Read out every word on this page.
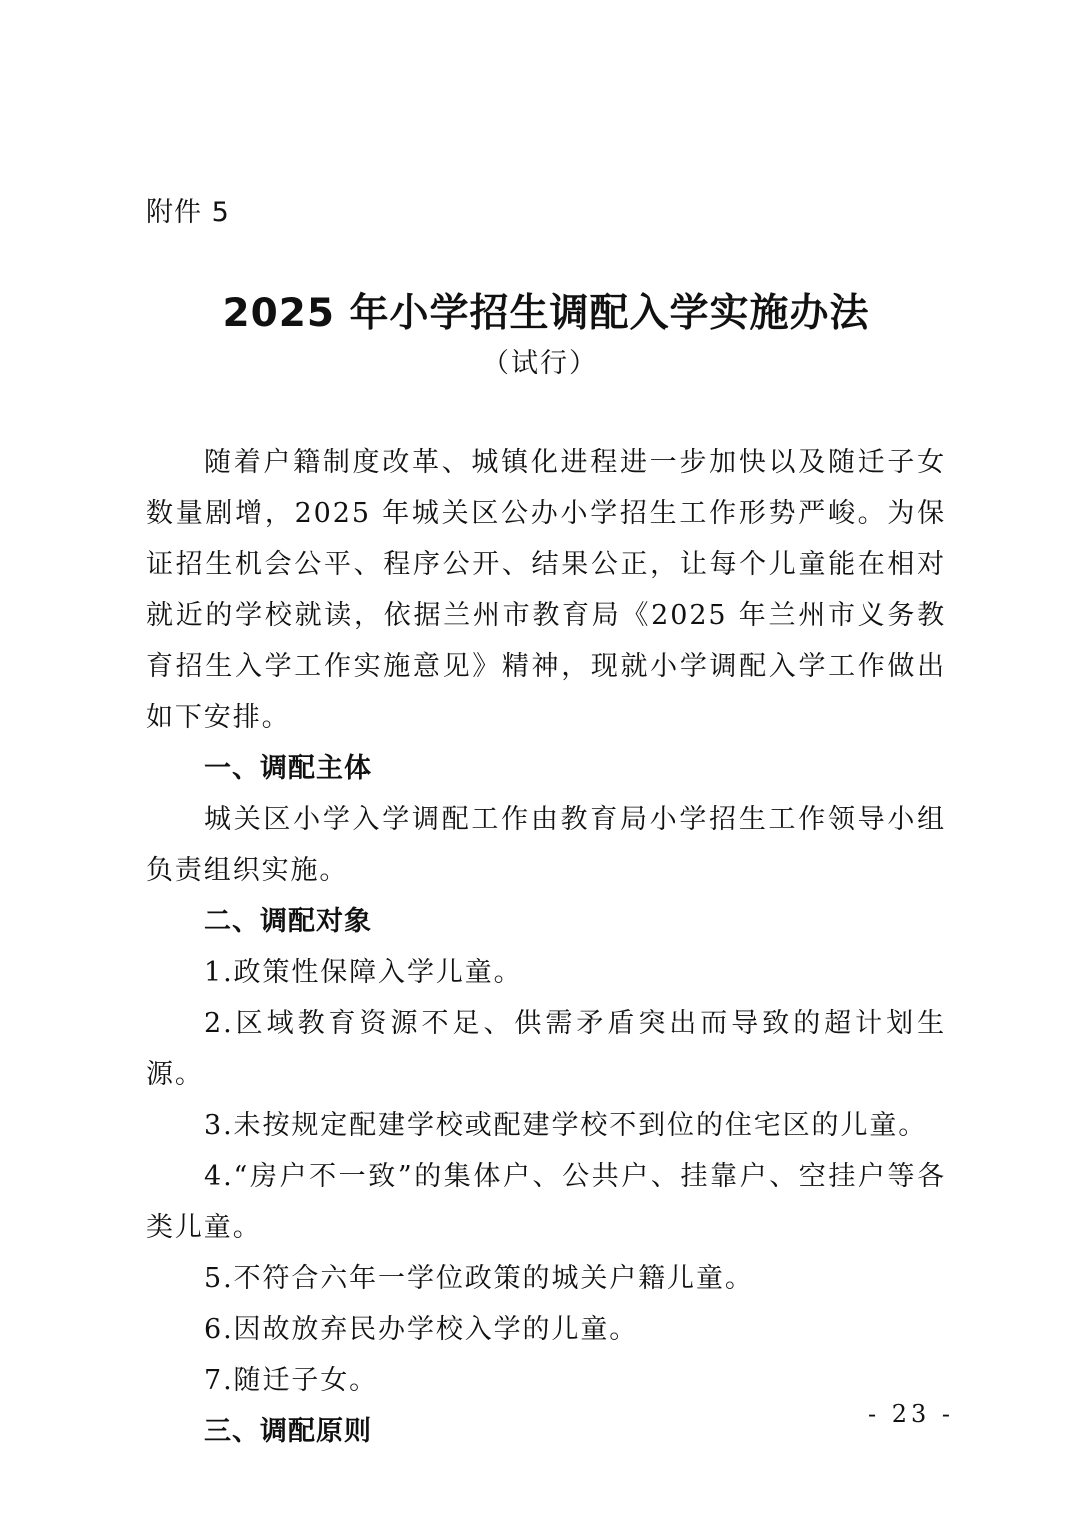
附件 5
2025 年小学招生调配入学实施办法
（试行）

随着户籍制度改革、城镇化进程进一步加快以及随迁子女数量剧增，2025 年城关区公办小学招生工作形势严峻。为保证招生机会公平、程序公开、结果公正，让每个儿童能在相对就近的学校就读，依据兰州市教育局《2025 年兰州市义务教育招生入学工作实施意见》精神，现就小学调配入学工作做出如下安排。

一、调配主体

城关区小学入学调配工作由教育局小学招生工作领导小组负责组织实施。

二、调配对象

1.政策性保障入学儿童。

2.区域教育资源不足、供需矛盾突出而导致的超计划生源。

3.未按规定配建学校或配建学校不到位的住宅区的儿童。

4.“房户不一致”的集体户、公共户、挂靠户、空挂户等各类儿童。

5.不符合六年一学位政策的城关户籍儿童。

6.因故放弃民办学校入学的儿童。

7.随迁子女。

三、调配原则

- 23 -
